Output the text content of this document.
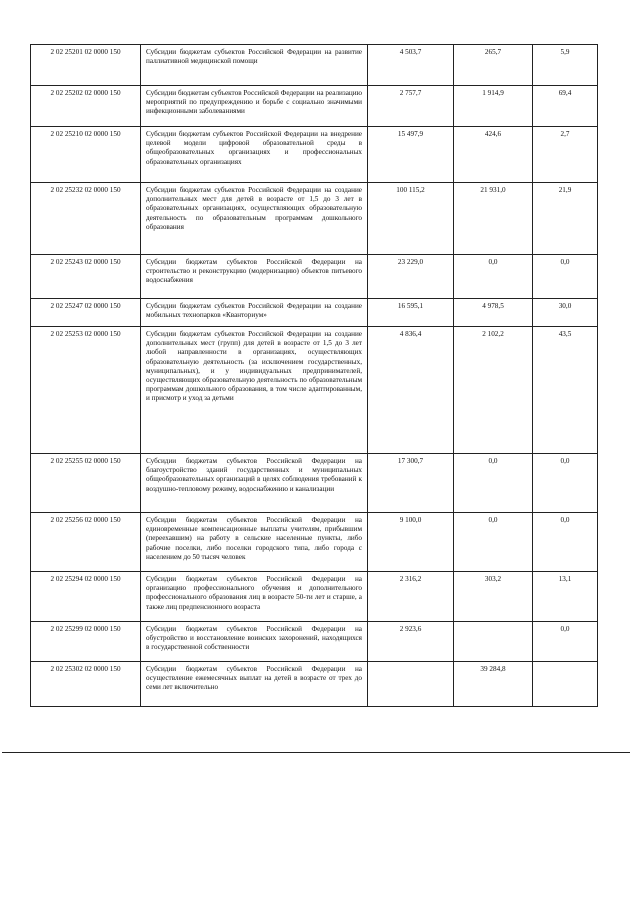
2 02 25201 02 0000 150	Субсидии бюджетам субъектов Российской Федерации на развитие паллиативной медицинской помощи	4 503,7	265,7	5,9
2 02 25202 02 0000 150	Субсидии бюджетам субъектов Российской Федерации на реализацию мероприятий по предупреждению и борьбе с социально значимыми инфекционными заболеваниями	2 757,7	1 914,9	69,4
2 02 25210 02 0000 150	Субсидии бюджетам субъектов Российской Федерации на внедрение целевой модели цифровой образовательной среды в общеобразовательных организациях и профессиональных образовательных организациях	15 497,9	424,6	2,7
2 02 25232 02 0000 150	Субсидии бюджетам субъектов Российской Федерации на создание дополнительных мест для детей в возрасте от 1,5 до 3 лет в образовательных организациях, осуществляющих образовательную деятельность по образовательным программам дошкольного образования	100 115,2	21 931,0	21,9
2 02 25243 02 0000 150	Субсидии бюджетам субъектов Российской Федерации на строительство и реконструкцию (модернизацию) объектов питьевого водоснабжения	23 229,0	0,0	0,0
2 02 25247 02 0000 150	Субсидии бюджетам субъектов Российской Федерации на создание мобильных технопарков «Кванториум»	16 595,1	4 978,5	30,0
2 02 25253 02 0000 150	Субсидии бюджетам субъектов Российской Федерации на создание дополнительных мест (групп) для детей в возрасте от 1,5 до 3 лет любой направленности в организациях, осуществляющих образовательную деятельность (за исключением государственных, муниципальных), и у индивидуальных предпринимателей, осуществляющих образовательную деятельность по образовательным программам дошкольного образования, в том числе адаптированным, и присмотр и уход за детьми	4 836,4	2 102,2	43,5
2 02 25255 02 0000 150	Субсидии бюджетам субъектов Российской Федерации на благоустройство зданий государственных и муниципальных общеобразовательных организаций в целях соблюдения требований к воздушно-тепловому режиму, водоснабжению и канализации	17 300,7	0,0	0,0
2 02 25256 02 0000 150	Субсидии бюджетам субъектов Российской Федерации на единовременные компенсационные выплаты учителям, прибывшим (переехавшим) на работу в сельские населенные пункты, либо рабочие поселки, либо поселки городского типа, либо города с населением до 50 тысяч человек	9 100,0	0,0	0,0
2 02 25294 02 0000 150	Субсидии бюджетам субъектов Российской Федерации на организацию профессионального обучения и дополнительного профессионального образования лиц в возрасте 50-ти лет и старше, а также лиц предпенсионного возраста	2 316,2	303,2	13,1
2 02 25299 02 0000 150	Субсидии бюджетам субъектов Российской Федерации на обустройство и восстановление воинских захоронений, находящихся в государственной собственности	2 923,6		0,0
2 02 25302 02 0000 150	Субсидии бюджетам субъектов Российской Федерации на осуществление ежемесячных выплат на детей в возрасте от трех до семи лет включительно		39 284,8	
